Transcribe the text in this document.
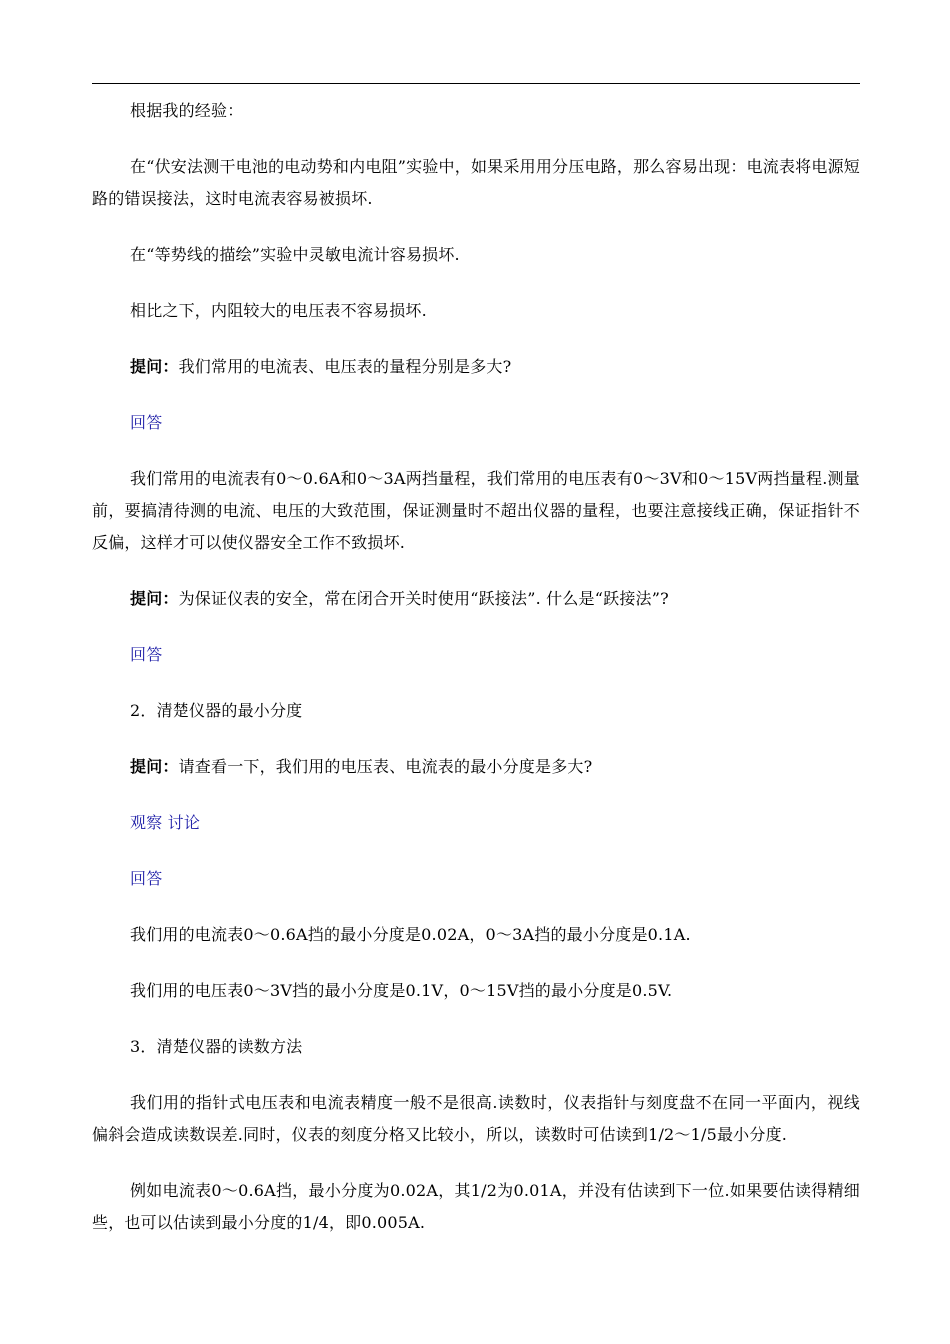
根据我的经验：

在“伏安法测干电池的电动势和内电阻”实验中，如果采用用分压电路，那么容易出现：电流表将电源短路的错误接法，这时电流表容易被损坏.

在“等势线的描绘”实验中灵敏电流计容易损坏.

相比之下，内阻较大的电压表不容易损坏.

提问：我们常用的电流表、电压表的量程分别是多大?

回答

我们常用的电流表有0～0.6A和0～3A两挡量程，我们常用的电压表有0～3V和0～15V两挡量程.测量前，要搞清待测的电流、电压的大致范围，保证测量时不超出仪器的量程，也要注意接线正确，保证指针不反偏，这样才可以使仪器安全工作不致损坏.

提问：为保证仪表的安全，常在闭合开关时使用“跃接法”. 什么是“跃接法”?

回答

2．清楚仪器的最小分度

提问：请查看一下，我们用的电压表、电流表的最小分度是多大?

观察 讨论

回答

我们用的电流表0～0.6A挡的最小分度是0.02A，0～3A挡的最小分度是0.1A.

我们用的电压表0～3V挡的最小分度是0.1V，0～15V挡的最小分度是0.5V.

3．清楚仪器的读数方法

我们用的指针式电压表和电流表精度一般不是很高.读数时，仪表指针与刻度盘不在同一平面内，视线偏斜会造成读数误差.同时，仪表的刻度分格又比较小，所以，读数时可估读到1/2～1/5最小分度.

例如电流表0～0.6A挡，最小分度为0.02A，其1/2为0.01A，并没有估读到下一位.如果要估读得精细些，也可以估读到最小分度的1/4，即0.005A.
